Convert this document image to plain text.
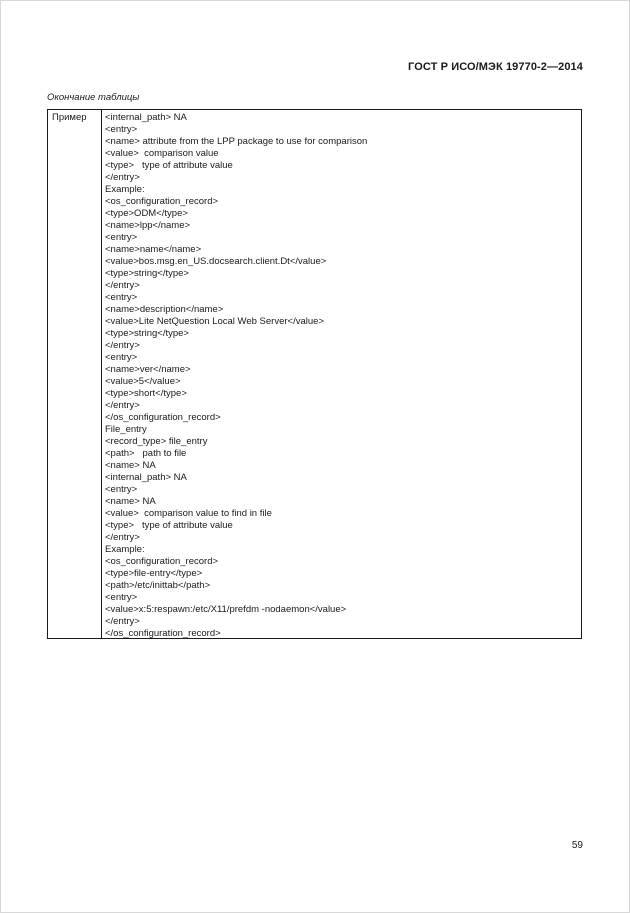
ГОСТ Р ИСО/МЭК 19770-2—2014
Окончание таблицы
Пример	<internal_path> NA
<entry>
<name> attribute from the LPP package to use for comparison
<value>  comparison value
<type>   type of attribute value
</entry>
Example:
<os_configuration_record>
<type>ODM</type>
<name>lpp</name>
<entry>
<name>name</name>
<value>bos.msg.en_US.docsearch.client.Dt</value>
<type>string</type>
</entry>
<entry>
<name>description</name>
<value>Lite NetQuestion Local Web Server</value>
<type>string</type>
</entry>
<entry>
<name>ver</name>
<value>5</value>
<type>short</type>
</entry>
</os_configuration_record>
File_entry
<record_type> file_entry
<path>   path to file
<name> NA
<internal_path> NA
<entry>
<name> NA
<value>  comparison value to find in file
<type>   type of attribute value
</entry>
Example:
<os_configuration_record>
<type>file-entry</type>
<path>/etc/inittab</path>
<entry>
<value>x:5:respawn:/etc/X11/prefdm -nodaemon</value>
</entry>
</os_configuration_record>
59
